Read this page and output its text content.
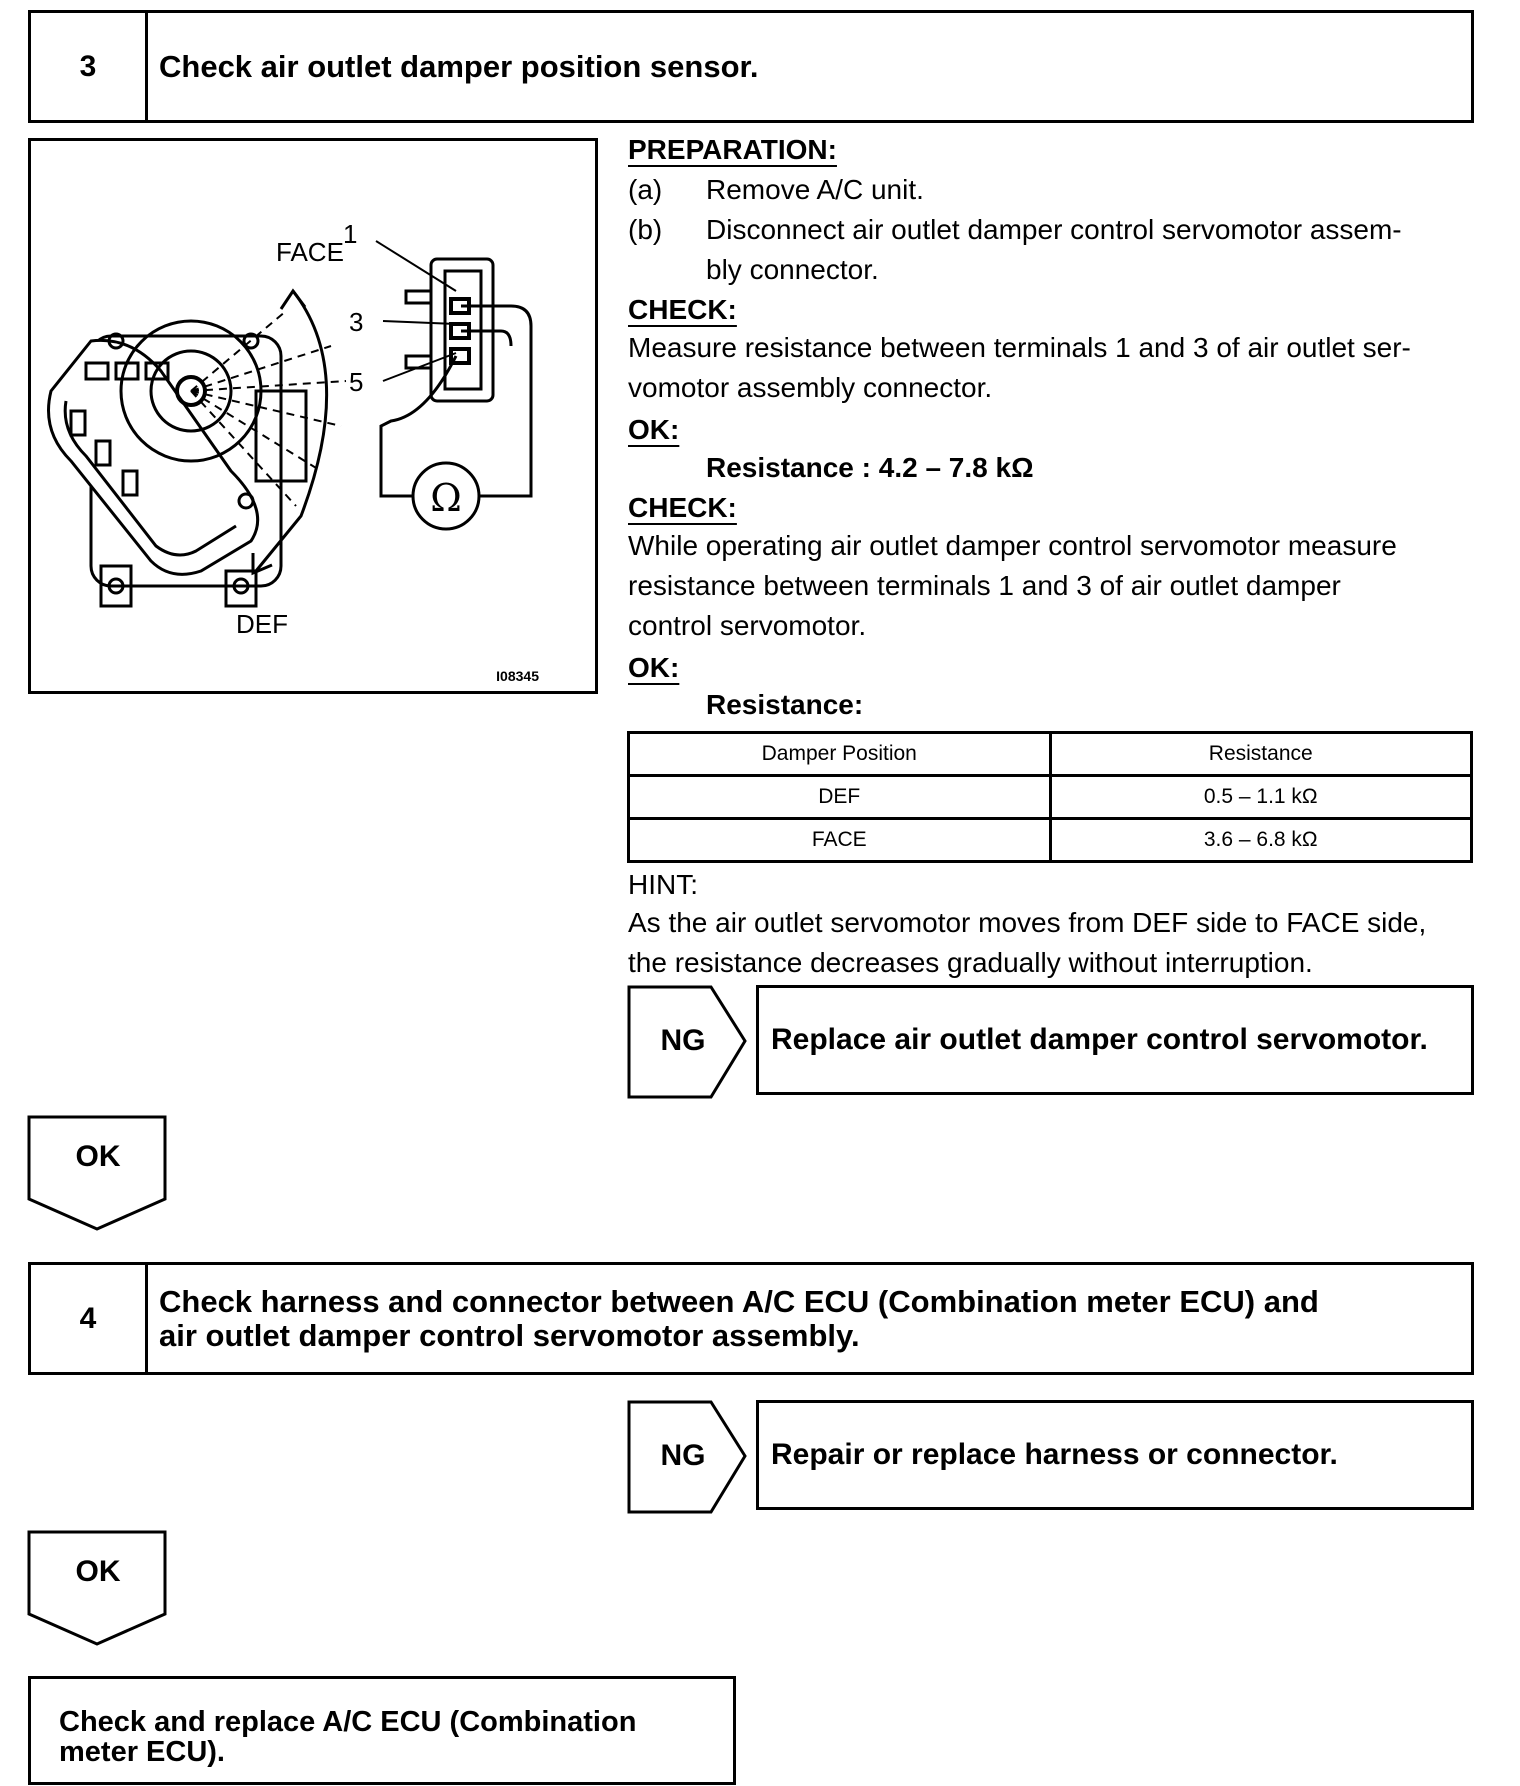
3	Check air outlet damper position sensor.
FACE
DEF
1
3
5
Ω
I08345
PREPARATION:
(a) Remove A/C unit.
(b) Disconnect air outlet damper control servomotor assem-
bly connector.
CHECK:
Measure resistance between terminals 1 and 3 of air outlet ser-
vomotor assembly connector.
OK:
Resistance : 4.2 – 7.8 kΩ
CHECK:
While operating air outlet damper control servomotor measure
resistance between terminals 1 and 3 of air outlet damper
control servomotor.
OK:
Resistance:
Damper Position	Resistance
DEF	0.5 – 1.1 kΩ
FACE	3.6 – 6.8 kΩ
HINT:
As the air outlet servomotor moves from DEF side to FACE side,
the resistance decreases gradually without interruption.
NG	Replace air outlet damper control servomotor.
OK
4	Check harness and connector between A/C ECU (Combination meter ECU) and
air outlet damper control servomotor assembly.
NG	Repair or replace harness or connector.
OK
Check and replace A/C ECU (Combination
meter ECU).
